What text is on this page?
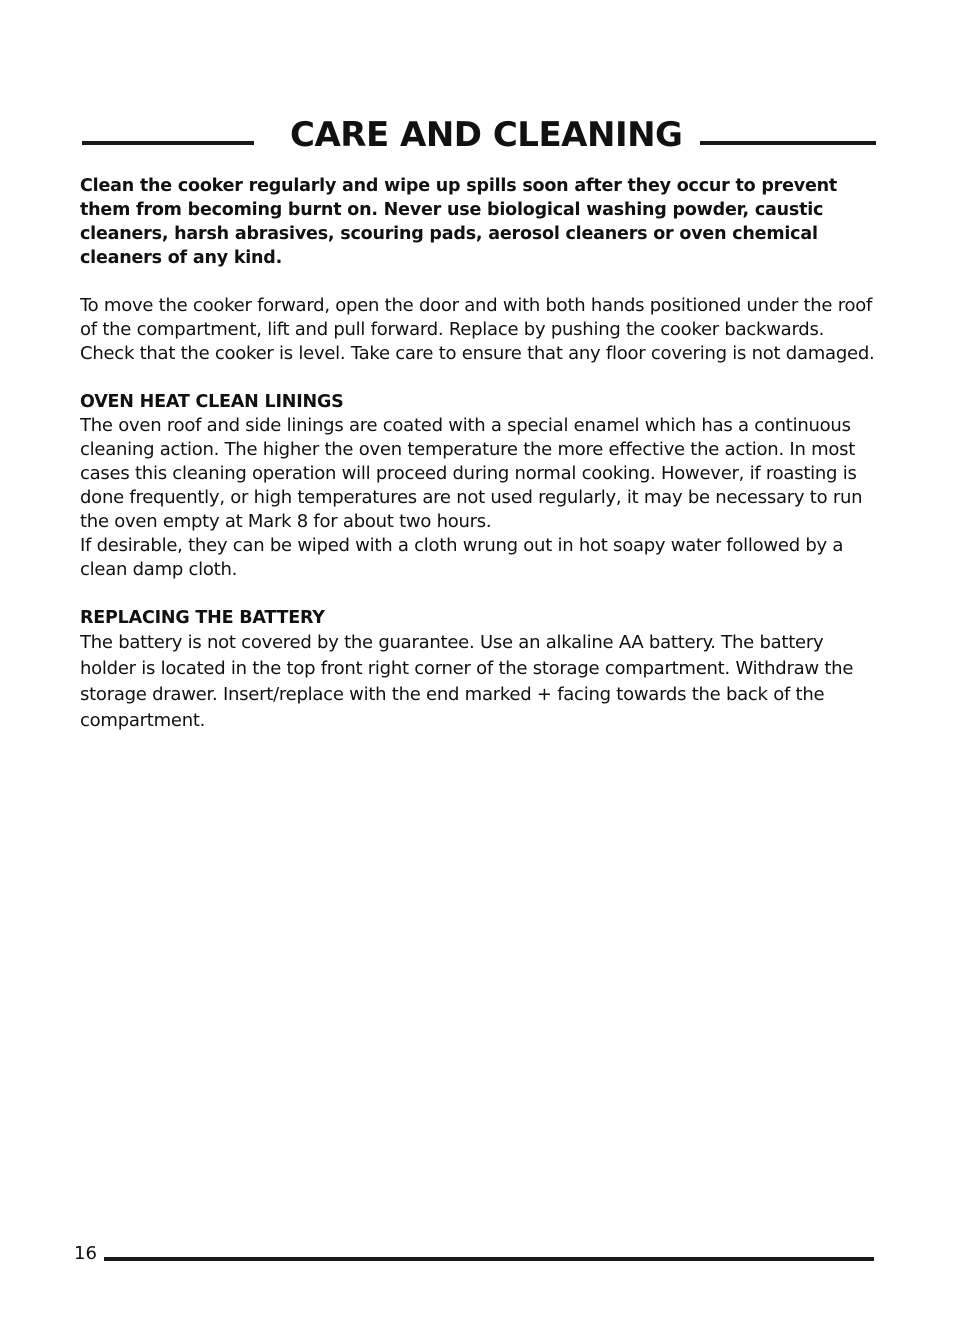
CARE AND CLEANING

Clean the cooker regularly and wipe up spills soon after they occur to prevent them from becoming burnt on. Never use biological washing powder, caustic cleaners, harsh abrasives, scouring pads, aerosol cleaners or oven chemical cleaners of any kind.

To move the cooker forward, open the door and with both hands positioned under the roof of the compartment, lift and pull forward. Replace by pushing the cooker backwards. Check that the cooker is level. Take care to ensure that any floor covering is not damaged.

OVEN HEAT CLEAN LININGS

The oven roof and side linings are coated with a special enamel which has a continuous cleaning action. The higher the oven temperature the more effective the action. In most cases this cleaning operation will proceed during normal cooking. However, if roasting is done frequently, or high temperatures are not used regularly, it may be necessary to run the oven empty at Mark 8 for about two hours.

If desirable, they can be wiped with a cloth wrung out in hot soapy water followed by a clean damp cloth.

REPLACING THE BATTERY

The battery is not covered by the guarantee. Use an alkaline AA battery. The battery holder is located in the top front right corner of the storage compartment. Withdraw the storage drawer. Insert/replace with the end marked + facing towards the back of the compartment.

16
